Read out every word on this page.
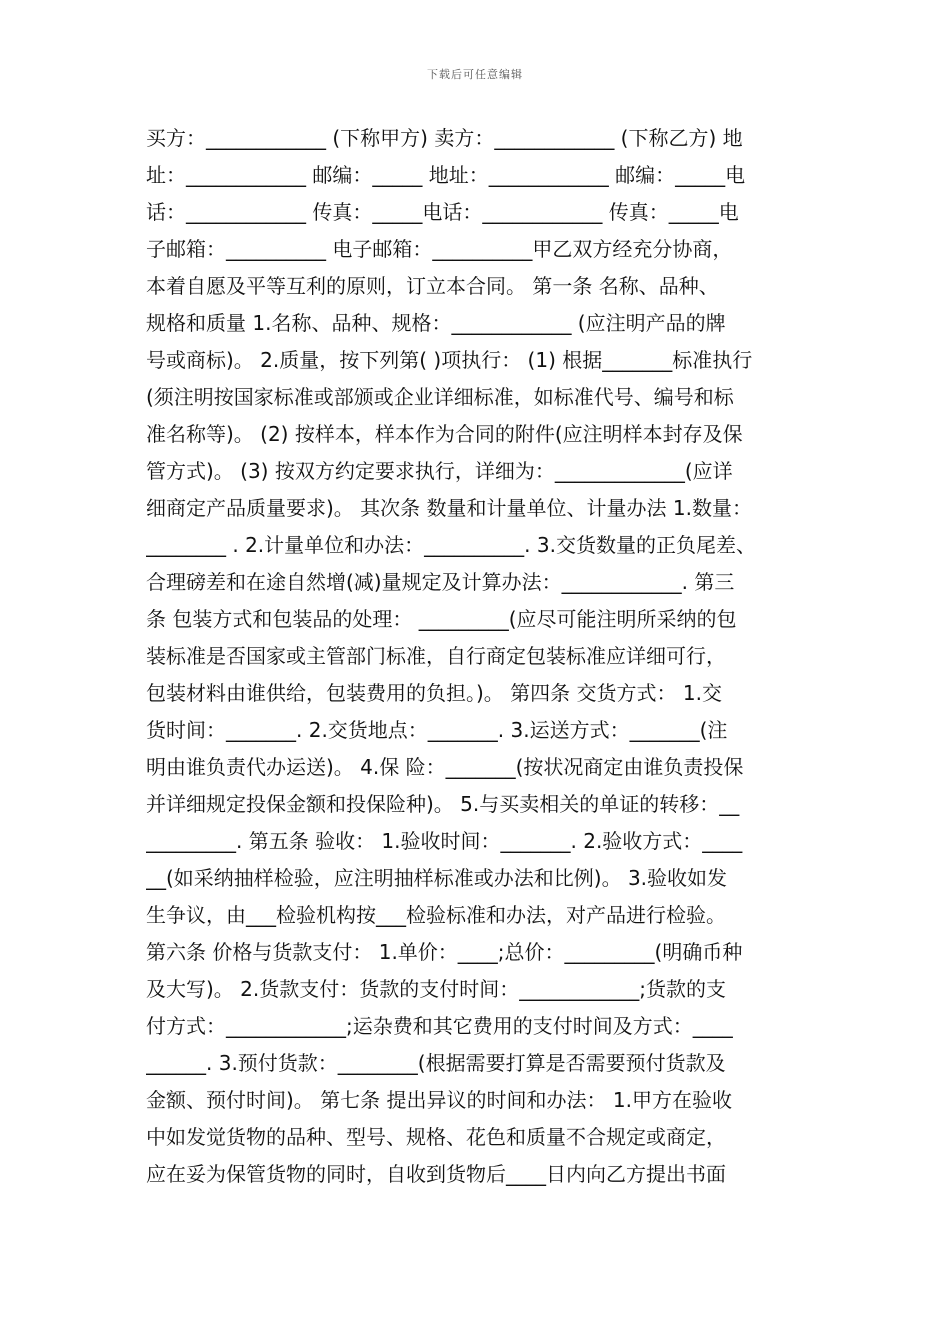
下载后可任意编辑
买方：____________ (下称甲方) 卖方：____________ (下称乙方) 地
址：____________ 邮编：_____ 地址：____________ 邮编：_____电
话：____________ 传真：_____电话：____________ 传真：_____电
子邮箱：__________ 电子邮箱：__________甲乙双方经充分协商，
本着自愿及平等互利的原则，订立本合同。 第一条 名称、品种、
规格和质量 1.名称、品种、规格：____________ (应注明产品的牌
号或商标)。 2.质量，按下列第( )项执行： (1) 根据_______标准执行
(须注明按国家标准或部颁或企业详细标准，如标准代号、编号和标
准名称等)。 (2) 按样本，样本作为合同的附件(应注明样本封存及保
管方式)。 (3) 按双方约定要求执行，详细为：_____________(应详
细商定产品质量要求)。 其次条 数量和计量单位、计量办法 1.数量：
________ . 2.计量单位和办法：__________. 3.交货数量的正负尾差、
合理磅差和在途自然增(减)量规定及计算办法：____________. 第三
条 包装方式和包装品的处理： _________(应尽可能注明所采纳的包
装标准是否国家或主管部门标准，自行商定包装标准应详细可行，
包装材料由谁供给，包装费用的负担。)。 第四条 交货方式： 1.交
货时间：_______. 2.交货地点：_______. 3.运送方式：_______(注
明由谁负责代办运送)。 4.保 险：_______(按状况商定由谁负责投保
并详细规定投保金额和投保险种)。 5.与买卖相关的单证的转移：__
_________. 第五条 验收： 1.验收时间：_______. 2.验收方式：____
__(如采纳抽样检验，应注明抽样标准或办法和比例)。 3.验收如发
生争议，由___检验机构按___检验标准和办法，对产品进行检验。
第六条 价格与货款支付： 1.单价：____;总价：_________(明确币种
及大写)。 2.货款支付：货款的支付时间：____________;货款的支
付方式：____________;运杂费和其它费用的支付时间及方式：____
______. 3.预付货款：________(根据需要打算是否需要预付货款及
金额、预付时间)。 第七条 提出异议的时间和办法： 1.甲方在验收
中如发觉货物的品种、型号、规格、花色和质量不合规定或商定，
应在妥为保管货物的同时，自收到货物后____日内向乙方提出书面
